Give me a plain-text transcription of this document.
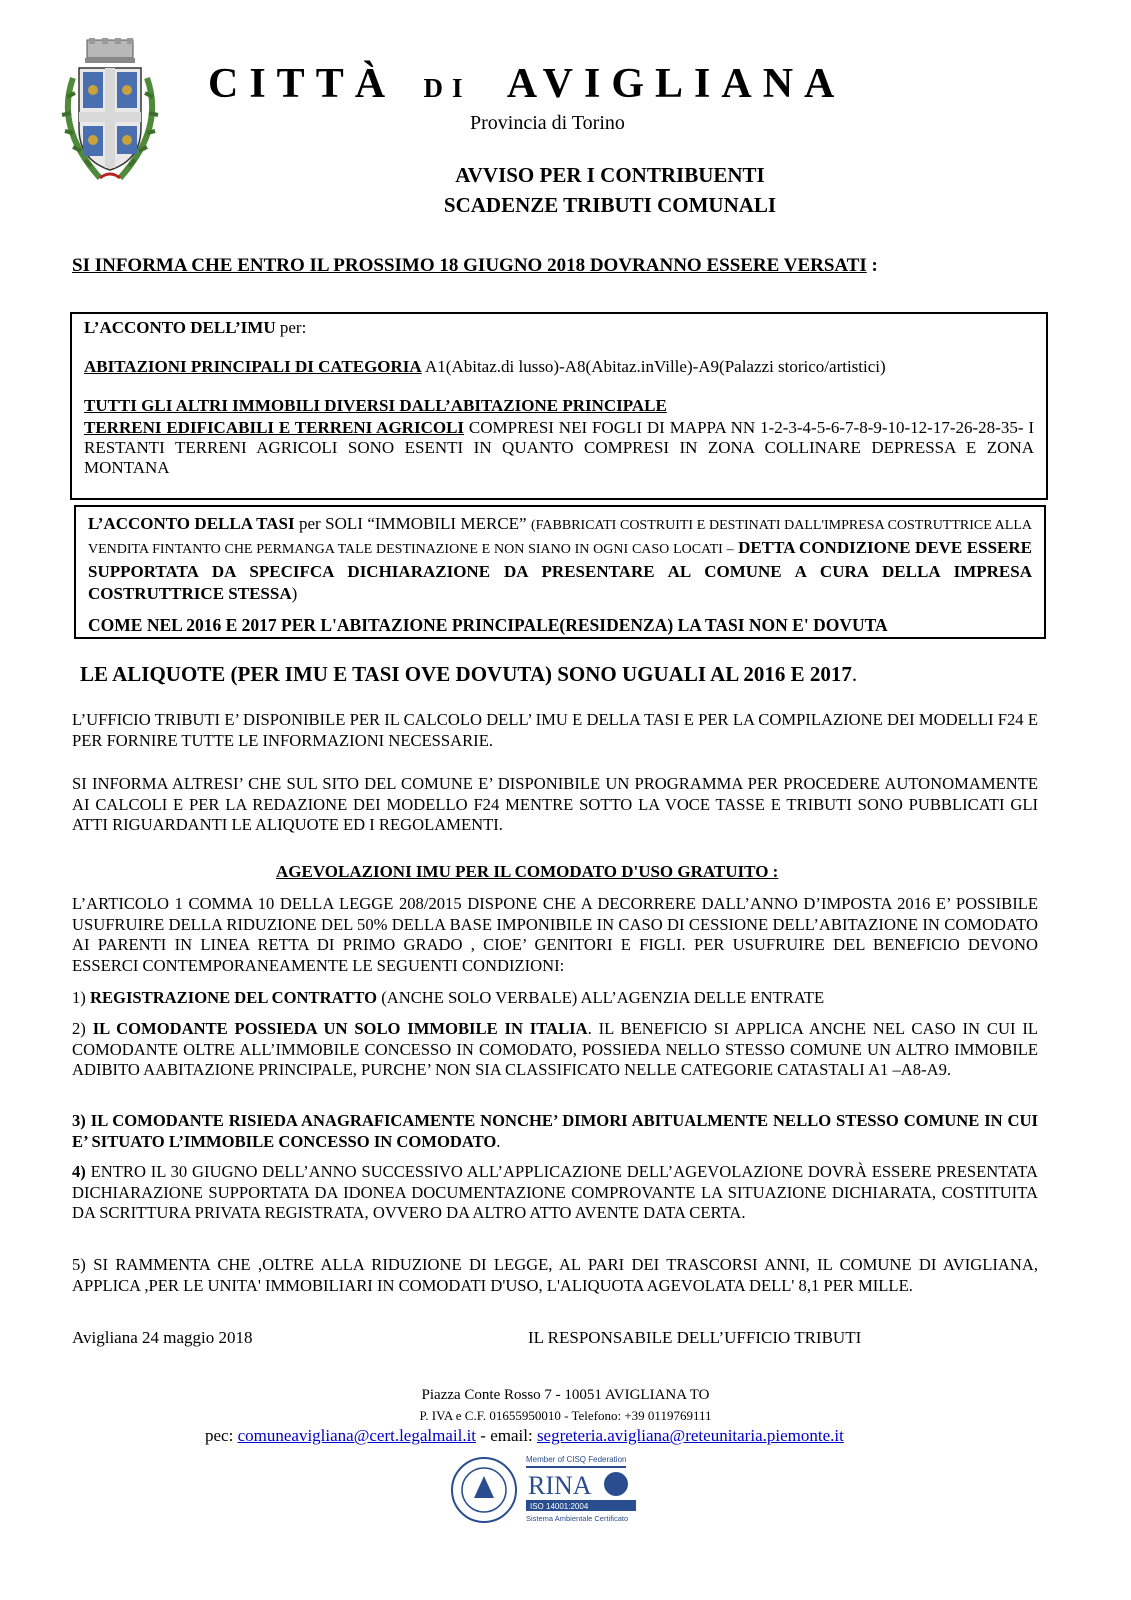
CITTÀ DI AVIGLIANA
Provincia di Torino
AVVISO PER I CONTRIBUENTI
SCADENZE TRIBUTI COMUNALI
SI INFORMA CHE ENTRO IL PROSSIMO 18 GIUGNO 2018 DOVRANNO ESSERE VERSATI :
L’ACCONTO DELL’IMU per:
ABITAZIONI PRINCIPALI DI CATEGORIA A1(Abitaz.di lusso)-A8(Abitaz.inVille)-A9(Palazzi storico/artistici)
TUTTI GLI ALTRI IMMOBILI DIVERSI DALL’ABITAZIONE PRINCIPALE
TERRENI EDIFICABILI E TERRENI AGRICOLI COMPRESI NEI FOGLI DI MAPPA NN 1-2-3-4-5-6-7-8-9-10-12-17-26-28-35- I RESTANTI TERRENI AGRICOLI SONO ESENTI IN QUANTO COMPRESI IN ZONA COLLINARE DEPRESSA E ZONA MONTANA
L’ACCONTO DELLA TASI per SOLI “IMMOBILI MERCE” (FABBRICATI COSTRUITI E DESTINATI DALL'IMPRESA COSTRUTTRICE ALLA VENDITA FINTANTO CHE PERMANGA TALE DESTINAZIONE E NON SIANO IN OGNI CASO LOCATI – DETTA CONDIZIONE DEVE ESSERE SUPPORTATA DA SPECIFCA DICHIARAZIONE DA PRESENTARE AL COMUNE A CURA DELLA IMPRESA COSTRUTTRICE STESSA)
COME NEL 2016 E 2017 PER L'ABITAZIONE PRINCIPALE(RESIDENZA) LA TASI NON E' DOVUTA
LE ALIQUOTE (PER IMU E TASI OVE DOVUTA) SONO UGUALI AL 2016 E 2017.
L’UFFICIO TRIBUTI E’ DISPONIBILE PER IL CALCOLO DELL’ IMU E DELLA TASI E PER LA COMPILAZIONE DEI MODELLI F24 E PER FORNIRE TUTTE LE INFORMAZIONI NECESSARIE.
SI INFORMA ALTRESI’ CHE SUL SITO DEL COMUNE E’ DISPONIBILE UN PROGRAMMA PER PROCEDERE AUTONOMAMENTE AI CALCOLI E PER LA REDAZIONE DEI MODELLO F24 MENTRE SOTTO LA VOCE TASSE E TRIBUTI SONO PUBBLICATI GLI ATTI RIGUARDANTI LE ALIQUOTE ED I REGOLAMENTI.
AGEVOLAZIONI IMU PER IL COMODATO D'USO GRATUITO :
L’ARTICOLO 1 COMMA 10 DELLA LEGGE 208/2015 DISPONE CHE A DECORRERE DALL’ANNO D’IMPOSTA 2016 E’ POSSIBILE USUFRUIRE DELLA RIDUZIONE DEL 50% DELLA BASE IMPONIBILE IN CASO DI CESSIONE DELL’ABITAZIONE IN COMODATO AI PARENTI IN LINEA RETTA DI PRIMO GRADO , CIOE’ GENITORI E FIGLI. PER USUFRUIRE DEL BENEFICIO DEVONO ESSERCI CONTEMPORANEAMENTE LE SEGUENTI CONDIZIONI:
1) REGISTRAZIONE DEL CONTRATTO (ANCHE SOLO VERBALE) ALL’AGENZIA DELLE ENTRATE
2) IL COMODANTE POSSIEDA UN SOLO IMMOBILE IN ITALIA. IL BENEFICIO SI APPLICA ANCHE NEL CASO IN CUI IL COMODANTE OLTRE ALL’IMMOBILE CONCESSO IN COMODATO, POSSIEDA NELLO STESSO COMUNE UN ALTRO IMMOBILE ADIBITO AABITAZIONE PRINCIPALE, PURCHE’ NON SIA CLASSIFICATO NELLE CATEGORIE CATASTALI A1 –A8-A9.
3) IL COMODANTE RISIEDA ANAGRAFICAMENTE NONCHE’ DIMORI ABITUALMENTE NELLO STESSO COMUNE IN CUI E’ SITUATO L’IMMOBILE CONCESSO IN COMODATO.
4) ENTRO IL 30 GIUGNO DELL’ANNO SUCCESSIVO ALL’APPLICAZIONE DELL’AGEVOLAZIONE DOVRÀ ESSERE PRESENTATA DICHIARAZIONE SUPPORTATA DA IDONEA DOCUMENTAZIONE COMPROVANTE LA SITUAZIONE DICHIARATA, COSTITUITA DA SCRITTURA PRIVATA REGISTRATA, OVVERO DA ALTRO ATTO AVENTE DATA CERTA.
5) SI RAMMENTA CHE ,OLTRE ALLA RIDUZIONE DI LEGGE, AL PARI DEI TRASCORSI ANNI, IL COMUNE DI AVIGLIANA, APPLICA ,PER LE UNITA' IMMOBILIARI IN COMODATI D'USO, L'ALIQUOTA AGEVOLATA DELL' 8,1 PER MILLE.
Avigliana 24 maggio 2018	IL RESPONSABILE DELL’UFFICIO TRIBUTI
Piazza Conte Rosso 7 - 10051 AVIGLIANA TO
P. IVA e C.F. 01655950010 - Telefono: +39 0119769111
pec: comuneavigliana@cert.legalmail.it - email: segreteria.avigliana@reteunitaria.piemonte.it
Member of CISQ Federation
RINA
ISO 14001:2004
Sistema Ambientale Certificato
